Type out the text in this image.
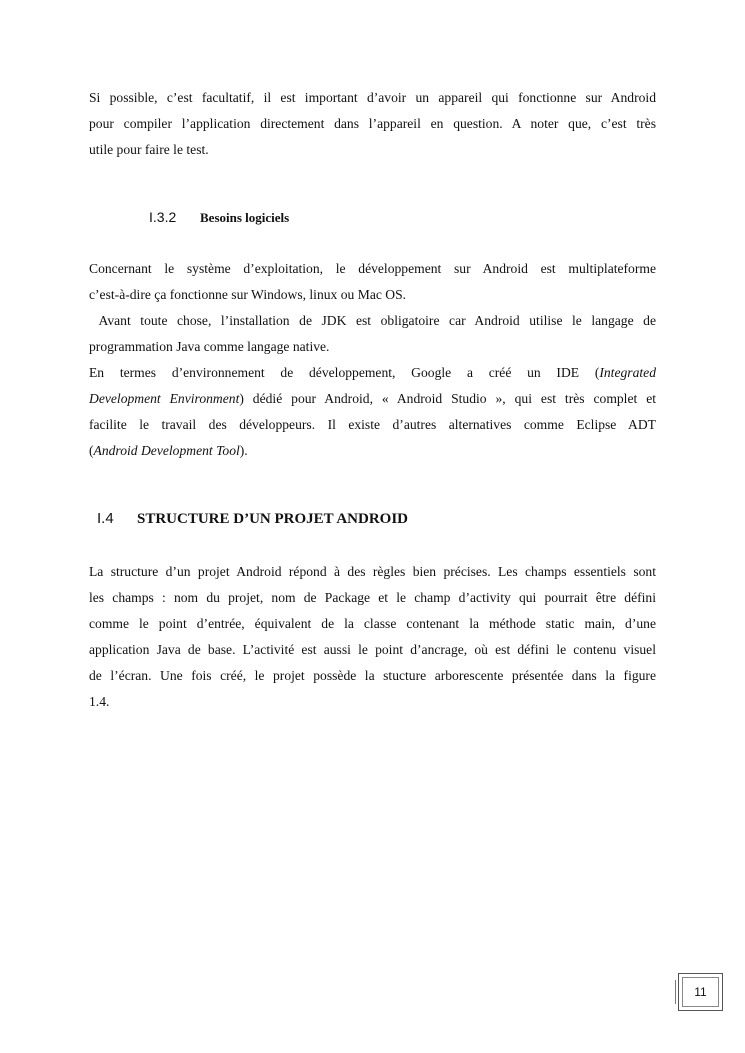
Si possible, c’est facultatif, il est important d’avoir un appareil qui fonctionne sur Android
pour compiler l’application directement dans l’appareil en question. A noter que, c’est très
utile pour faire le test.

I.3.2	Besoins logiciels

Concernant le système d’exploitation, le développement sur Android est multiplateforme
c’est-à-dire ça fonctionne sur Windows, linux ou Mac OS.
Avant toute chose, l’installation de JDK est obligatoire car Android utilise le langage de
programmation Java comme langage native.
En termes d’environnement de développement, Google a créé un IDE (Integrated
Development Environment) dédié pour Android, « Android Studio », qui est très complet et
facilite le travail des développeurs. Il existe d’autres alternatives comme Eclipse ADT
(Android Development Tool).

I.4	STRUCTURE D’UN PROJET ANDROID

La structure d’un projet Android répond à des règles bien précises. Les champs essentiels sont
les champs : nom du projet, nom de Package et le champ d’activity qui pourrait être défini
comme le point d’entrée, équivalent de la classe contenant la méthode static main, d’une
application Java de base. L’activité est aussi le point d’ancrage, où est défini le contenu visuel
de l’écran. Une fois créé, le projet possède la stucture arborescente présentée dans la figure
1.4.

11
